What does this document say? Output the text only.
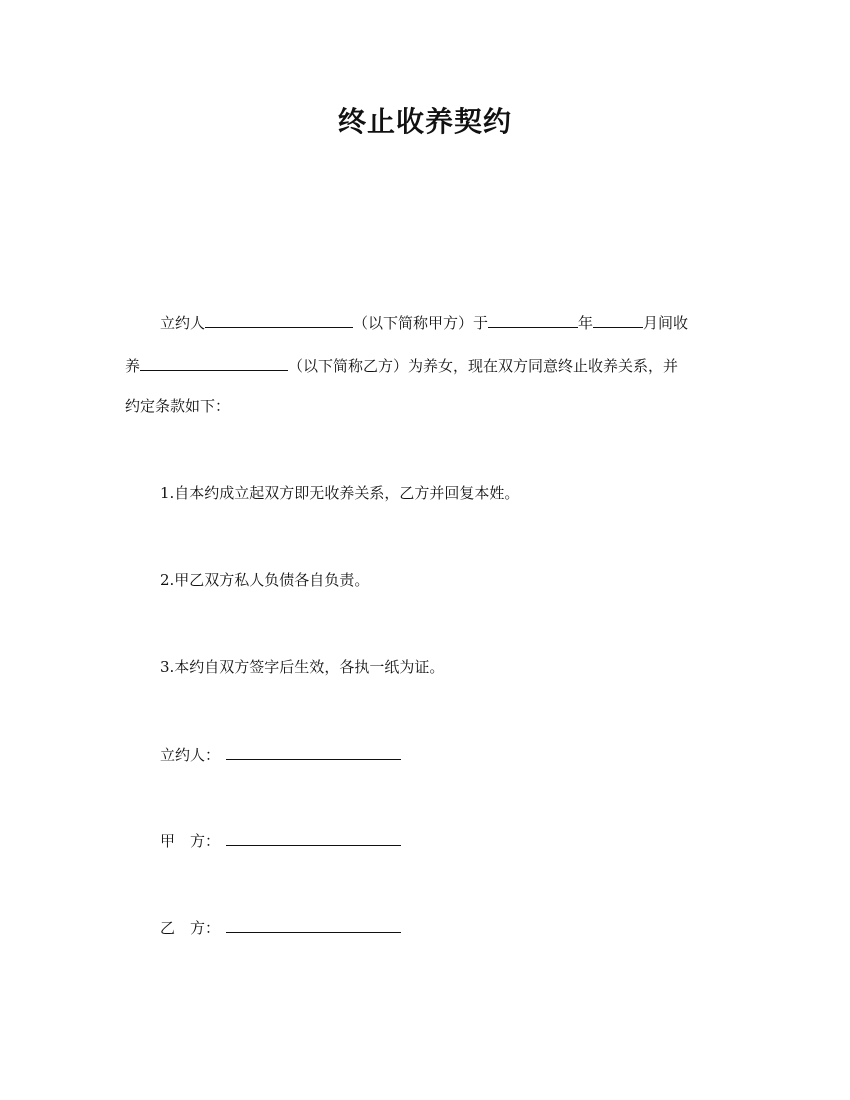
终止收养契约
立约人	（以下简称甲方）于	年	月间收
养	（以下简称乙方）为养女，现在双方同意终止收养关系，并
约定条款如下：
1.自本约成立起双方即无收养关系，乙方并回复本姓。
2.甲乙双方私人负债各自负责。
3.本约自双方签字后生效，各执一纸为证。
立约人：
甲　方：
乙　方：
